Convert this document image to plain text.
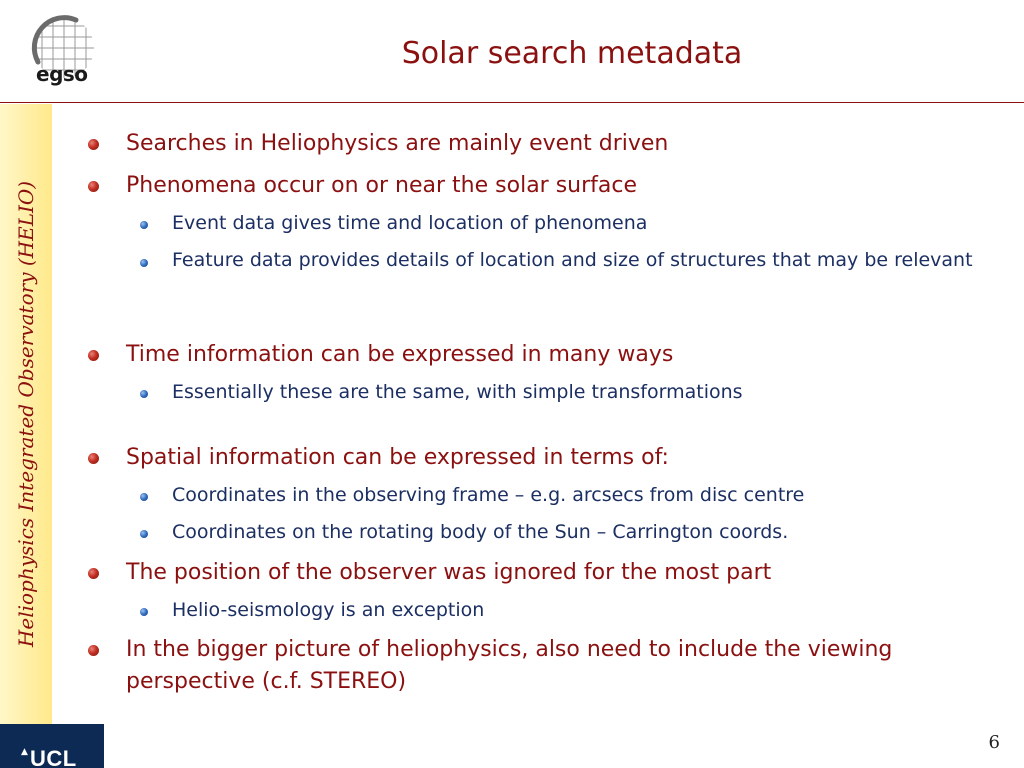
egso
Solar search metadata
Heliophysics Integrated Observatory (HELIO)
▲ UCL
Searches in Heliophysics are mainly event driven
Phenomena occur on or near the solar surface
Event data gives time and location of phenomena
Feature data provides details of location and size of structures that may be relevant
Time information can be expressed in many ways
Essentially these are the same, with simple transformations
Spatial information can be expressed in terms of:
Coordinates in the observing frame – e.g. arcsecs from disc centre
Coordinates on the rotating body of the Sun – Carrington coords.
The position of the observer was ignored for the most part
Helio-seismology is an exception
In the bigger picture of heliophysics, also need to include the viewing perspective (c.f. STEREO)
6
